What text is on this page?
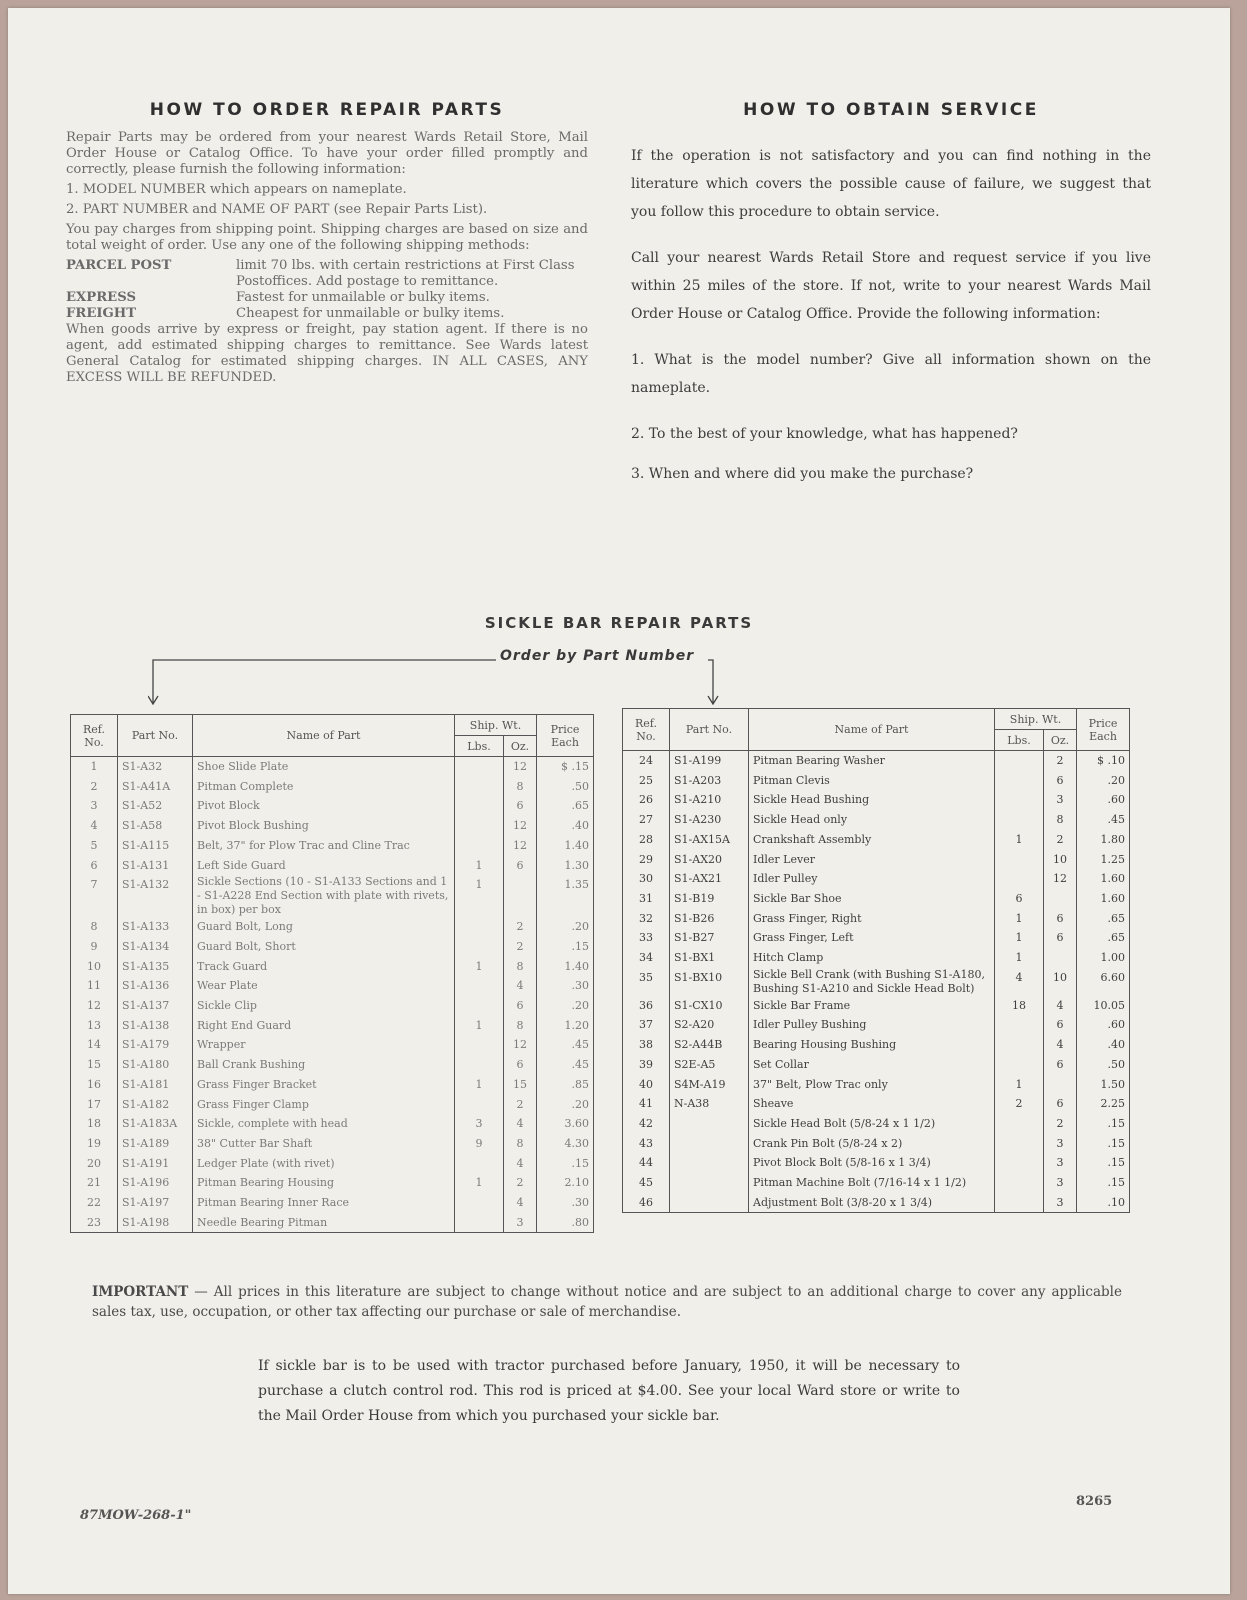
HOW TO ORDER REPAIR PARTS

Repair Parts may be ordered from your nearest Wards Retail Store, Mail Order House or Catalog Office. To have your order filled promptly and correctly, please furnish the following information:

1. MODEL NUMBER which appears on nameplate.

2. PART NUMBER and NAME OF PART (see Repair Parts List).

You pay charges from shipping point. Shipping charges are based on size and total weight of order. Use any one of the following shipping methods:

PARCEL POST	limit 70 lbs. with certain restrictions at First Class Postoffices. Add postage to remittance.
EXPRESS	Fastest for unmailable or bulky items.
FREIGHT	Cheapest for unmailable or bulky items.

When goods arrive by express or freight, pay station agent. If there is no agent, add estimated shipping charges to remittance. See Wards latest General Catalog for estimated shipping charges. IN ALL CASES, ANY EXCESS WILL BE REFUNDED.

HOW TO OBTAIN SERVICE

If the operation is not satisfactory and you can find nothing in the literature which covers the possible cause of failure, we suggest that you follow this procedure to obtain service.

Call your nearest Wards Retail Store and request service if you live within 25 miles of the store. If not, write to your nearest Wards Mail Order House or Catalog Office. Provide the following information:

1. What is the model number? Give all information shown on the nameplate.

2. To the best of your knowledge, what has happened?

3. When and where did you make the purchase?

SICKLE BAR REPAIR PARTS
Order by Part Number
Ref. No.	Part No.	Name of Part	Ship. Wt.		Price Each
			Lbs.	Oz.	
1	S1-A32	Shoe Slide Plate		12	$ .15
2	S1-A41A	Pitman Complete		8	.50
3	S1-A52	Pivot Block		6	.65
4	S1-A58	Pivot Block Bushing		12	.40
5	S1-A115	Belt, 37" for Plow Trac and Cline Trac		12	1.40
6	S1-A131	Left Side Guard	1	6	1.30
7	S1-A132	Sickle Sections (10 - S1-A133 Sections and 1 - S1-A228 End Section with plate with rivets, in box) per box	1		1.35
8	S1-A133	Guard Bolt, Long		2	.20
9	S1-A134	Guard Bolt, Short		2	.15
10	S1-A135	Track Guard	1	8	1.40
11	S1-A136	Wear Plate		4	.30
12	S1-A137	Sickle Clip		6	.20
13	S1-A138	Right End Guard	1	8	1.20
14	S1-A179	Wrapper		12	.45
15	S1-A180	Ball Crank Bushing		6	.45
16	S1-A181	Grass Finger Bracket	1	15	.85
17	S1-A182	Grass Finger Clamp		2	.20
18	S1-A183A	Sickle, complete with head	3	4	3.60
19	S1-A189	38" Cutter Bar Shaft	9	8	4.30
20	S1-A191	Ledger Plate (with rivet)		4	.15
21	S1-A196	Pitman Bearing Housing	1	2	2.10
22	S1-A197	Pitman Bearing Inner Race		4	.30
23	S1-A198	Needle Bearing Pitman		3	.80
Ref. No.	Part No.	Name of Part	Ship. Wt.		Price Each
			Lbs.	Oz.	
24	S1-A199	Pitman Bearing Washer		2	$ .10
25	S1-A203	Pitman Clevis		6	.20
26	S1-A210	Sickle Head Bushing		3	.60
27	S1-A230	Sickle Head only		8	.45
28	S1-AX15A	Crankshaft Assembly	1	2	1.80
29	S1-AX20	Idler Lever		10	1.25
30	S1-AX21	Idler Pulley		12	1.60
31	S1-B19	Sickle Bar Shoe	6		1.60
32	S1-B26	Grass Finger, Right	1	6	.65
33	S1-B27	Grass Finger, Left	1	6	.65
34	S1-BX1	Hitch Clamp	1		1.00
35	S1-BX10	Sickle Bell Crank (with Bushing S1-A180, Bushing S1-A210 and Sickle Head Bolt)	4	10	6.60
36	S1-CX10	Sickle Bar Frame	18	4	10.05
37	S2-A20	Idler Pulley Bushing		6	.60
38	S2-A44B	Bearing Housing Bushing		4	.40
39	S2E-A5	Set Collar		6	.50
40	S4M-A19	37" Belt, Plow Trac only	1		1.50
41	N-A38	Sheave	2	6	2.25
42		Sickle Head Bolt (5/8-24 x 1 1/2)		2	.15
43		Crank Pin Bolt (5/8-24 x 2)		3	.15
44		Pivot Block Bolt (5/8-16 x 1 3/4)		3	.15
45		Pitman Machine Bolt (7/16-14 x 1 1/2)		3	.15
46		Adjustment Bolt (3/8-20 x 1 3/4)		3	.10
IMPORTANT — All prices in this literature are subject to change without notice and are subject to an additional charge to cover any applicable sales tax, use, occupation, or other tax affecting our purchase or sale of merchandise.
If sickle bar is to be used with tractor purchased before January, 1950, it will be necessary to purchase a clutch control rod. This rod is priced at $4.00. See your local Ward store or write to the Mail Order House from which you purchased your sickle bar.
87MOW-268-1"
8265
